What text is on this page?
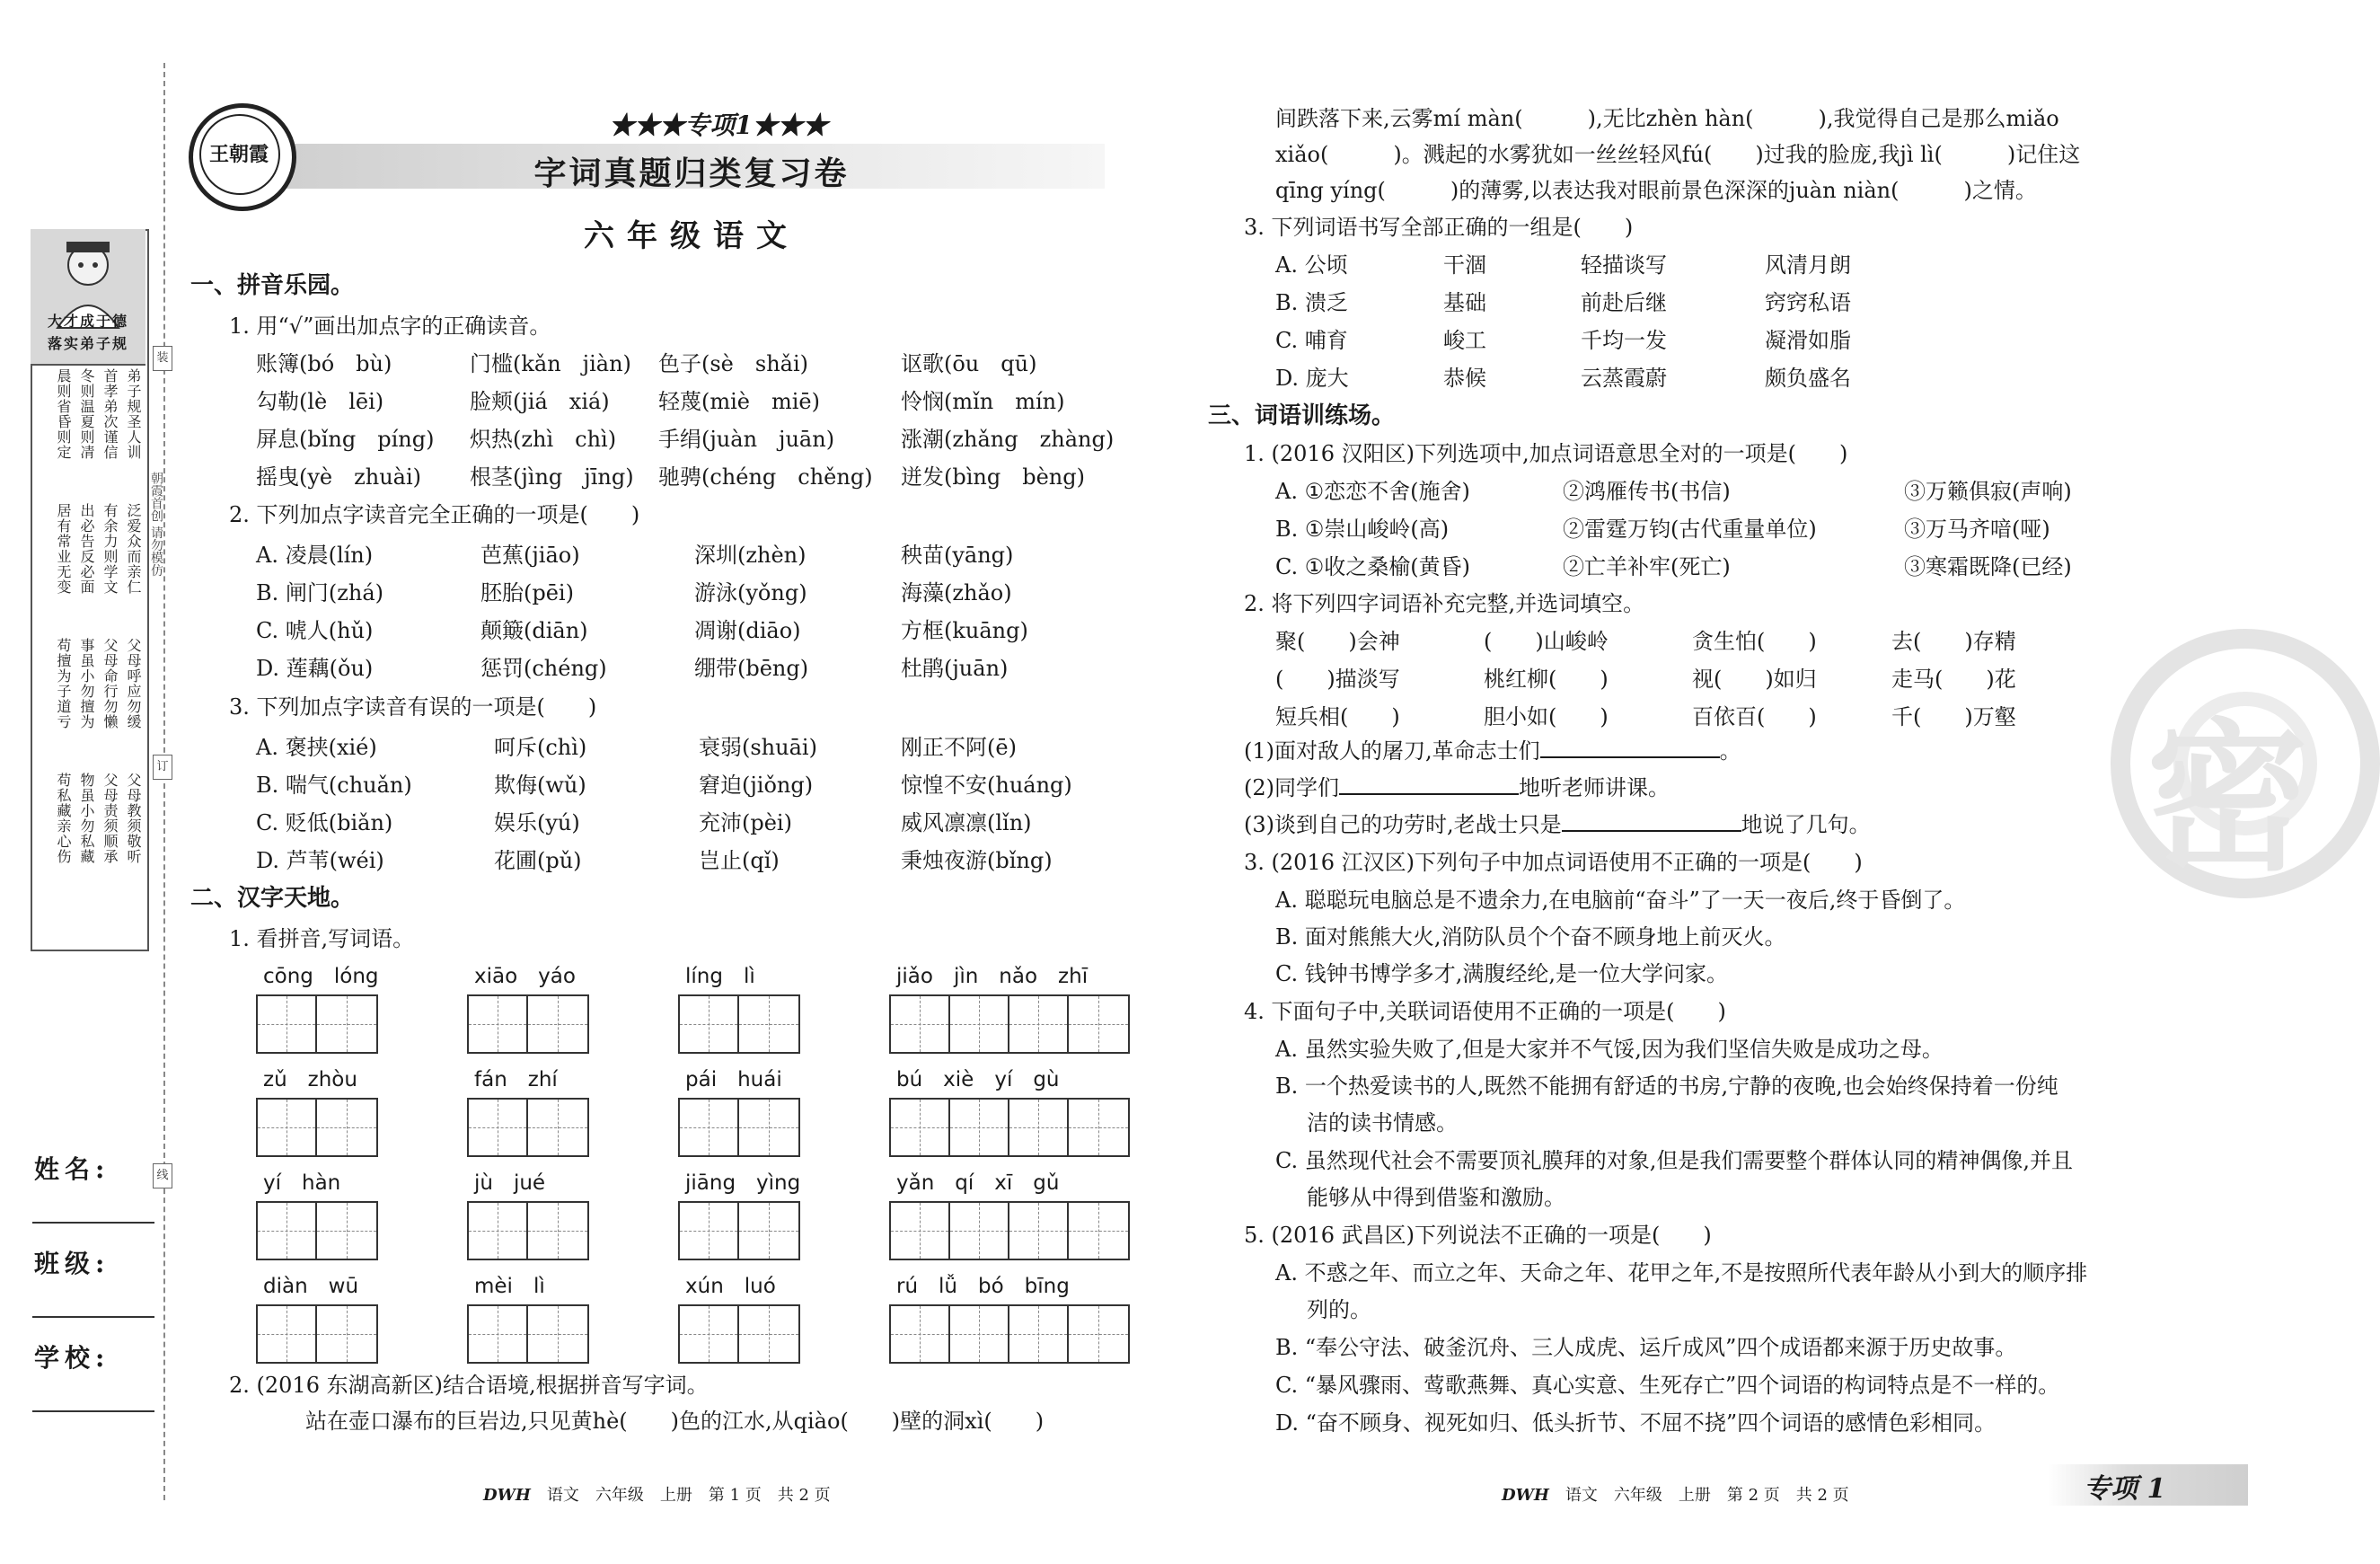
大才成于德
落实弟子规
弟子规圣人训
首孝弟次谨信
泛爱众而亲仁
有余力则学文
父母呼应勿缓
父母命行勿懒
父母教须敬听
父母责须顺承
冬则温夏则凊
晨则省昏则定
出必告反必面
居有常业无变
事虽小勿擅为
苟擅为子道亏
物虽小勿私藏
苟私藏亲心伤
朝霞首创 请勿模仿
装
订
线
姓名:
班级:
学校:
王朝霞
★★★专项1★★★
字词真题归类复习卷
六年级语文
一、拼音乐园。
1. 用“√”画出加点字的正确读音。
账簿(bó　bù)	门槛(kǎn　jiàn) 色子(sè　shǎi)	讴歌(ōu　qū)
勾勒(lè　lēi)	脸颊(jiá　xiá) 轻蔑(miè　miē)	怜悯(mǐn　mín)
屏息(bǐng　píng) 炽热(zhì　chì) 手绢(juàn　juān)	涨潮(zhǎng　zhàng)
摇曳(yè　zhuài) 根茎(jìng　jīng) 驰骋(chéng　chěng) 迸发(bìng　bèng)
2. 下列加点字读音完全正确的一项是(　　)
A. 凌晨(lín)	芭蕉(jiāo)	深圳(zhèn)	秧苗(yāng)
B. 闸门(zhá)	胚胎(pēi)	游泳(yǒng)	海藻(zhǎo)
C. 唬人(hǔ)	颠簸(diān)	凋谢(diāo)	方框(kuāng)
D. 莲藕(ǒu)	惩罚(chéng)	绷带(bēng)	杜鹃(juān)
3. 下列加点字读音有误的一项是(　　)
A. 褒挟(xié)	呵斥(chì)	衰弱(shuāi)	刚正不阿(ē)
B. 喘气(chuǎn)	欺侮(wǔ)	窘迫(jiǒng)	惊惶不安(huáng)
C. 贬低(biǎn)	娱乐(yú)	充沛(pèi)	威风凛凛(lǐn)
D. 芦苇(wéi)	花圃(pǔ)	岂止(qǐ)	秉烛夜游(bǐng)
二、汉字天地。
1. 看拼音,写词语。
cōng　lóng	xiāo　yáo	líng　lì	jiǎo　jìn　nǎo　zhī
zǔ　zhòu	fán　zhí	pái　huái	bú　xiè　yí　gù
yí　hàn	jù　jué	jiāng　yìng	yǎn　qí　xī　gǔ
diàn　wū	mèi　lì	xún　luó	rú　lǚ　bó　bīng
2. (2016 东湖高新区)结合语境,根据拼音写字词。
站在壶口瀑布的巨岩边,只见黄hè(　　)色的江水,从qiào(　　)壁的洞xì(　　)
间跌落下来,云雾mí màn(　　　),无比zhèn hàn(　　　),我觉得自己是那么miǎo
xiǎo(　　　)。溅起的水雾犹如一丝丝轻风fú(　　)过我的脸庞,我jì lì(　　　)记住这
qīng yíng(　　　)的薄雾,以表达我对眼前景色深深的juàn niàn(　　　)之情。
3. 下列词语书写全部正确的一组是(　　)
A. 公顷	干涸	轻描谈写	风清月朗
B. 溃乏	基础	前赴后继	窍窍私语
C. 哺育	峻工	千均一发	凝滑如脂
D. 庞大	恭候	云蒸霞蔚	颇负盛名
三、词语训练场。
1. (2016 汉阳区)下列选项中,加点词语意思全对的一项是(　　)
A. ①恋恋不舍(施舍)	②鸿雁传书(书信)	③万籁俱寂(声响)
B. ①崇山峻岭(高)	②雷霆万钧(古代重量单位)	③万马齐喑(哑)
C. ①收之桑榆(黄昏)	②亡羊补牢(死亡)	③寒霜既降(已经)
2. 将下列四字词语补充完整,并选词填空。
聚(　　)会神	(　　)山峻岭	贪生怕(　　)	去(　　)存精
(　　)描淡写	桃红柳(　　)	视(　　)如归	走马(　　)花
短兵相(　　)	胆小如(　　)	百依百(　　)	千(　　)万壑
(1)面对敌人的屠刀,革命志士们	。
(2)同学们	地听老师讲课。
(3)谈到自己的功劳时,老战士只是	地说了几句。
3. (2016 江汉区)下列句子中加点词语使用不正确的一项是(　　)
A. 聪聪玩电脑总是不遗余力,在电脑前“奋斗”了一天一夜后,终于昏倒了。
B. 面对熊熊大火,消防队员个个奋不顾身地上前灭火。
C. 钱钟书博学多才,满腹经纶,是一位大学问家。
4. 下面句子中,关联词语使用不正确的一项是(　　)
A. 虽然实验失败了,但是大家并不气馁,因为我们坚信失败是成功之母。
B. 一个热爱读书的人,既然不能拥有舒适的书房,宁静的夜晚,也会始终保持着一份纯
洁的读书情感。
C. 虽然现代社会不需要顶礼膜拜的对象,但是我们需要整个群体认同的精神偶像,并且
能够从中得到借鉴和激励。
5. (2016 武昌区)下列说法不正确的一项是(　　)
A. 不惑之年、而立之年、天命之年、花甲之年,不是按照所代表年龄从小到大的顺序排
列的。
B. “奉公守法、破釜沉舟、三人成虎、运斤成风”四个成语都来源于历史故事。
C. “暴风骤雨、莺歌燕舞、真心实意、生死存亡”四个词语的构词特点是不一样的。
D. “奋不顾身、视死如归、低头折节、不屈不挠”四个词语的感情色彩相同。
密
DWH　 语文　六年级　上册　第 1 页　共 2 页	DWH　 语文　六年级　上册　第 2 页　共 2 页	专项 1
